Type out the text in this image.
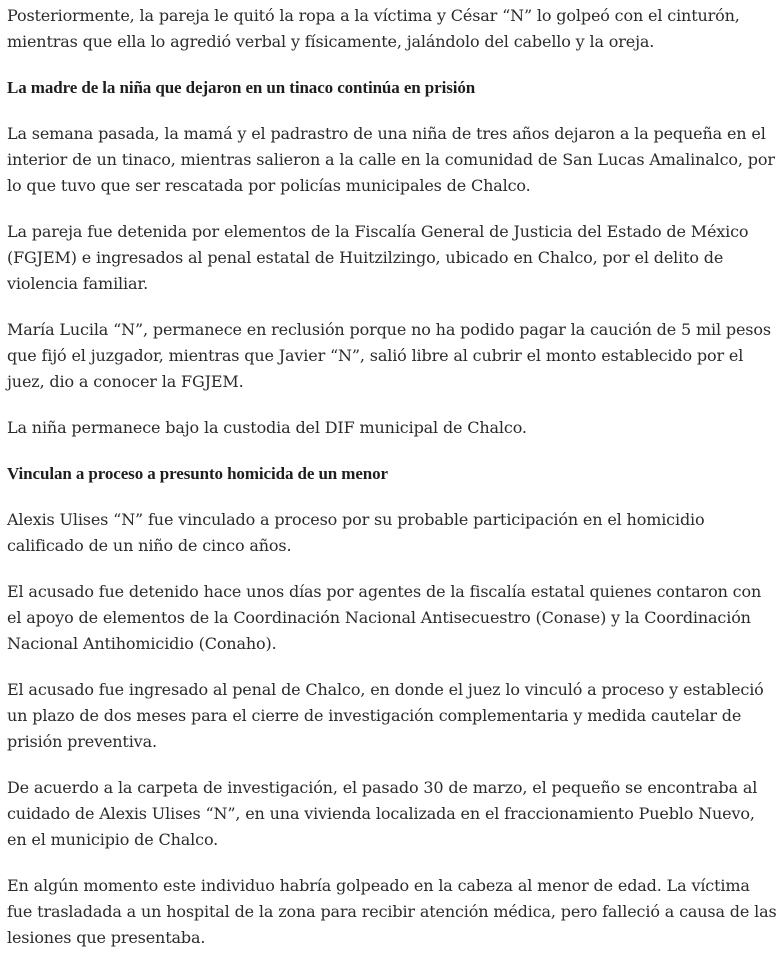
Posteriormente, la pareja le quitó la ropa a la víctima y César “N” lo golpeó con el cinturón, mientras que ella lo agredió verbal y físicamente, jalándolo del cabello y la oreja.

La madre de la niña que dejaron en un tinaco continúa en prisión

La semana pasada, la mamá y el padrastro de una niña de tres años dejaron a la pequeña en el interior de un tinaco, mientras salieron a la calle en la comunidad de San Lucas Amalinalco, por lo que tuvo que ser rescatada por policías municipales de Chalco.

La pareja fue detenida por elementos de la Fiscalía General de Justicia del Estado de México (FGJEM) e ingresados al penal estatal de Huitzilzingo, ubicado en Chalco, por el delito de violencia familiar.

María Lucila “N”, permanece en reclusión porque no ha podido pagar la caución de 5 mil pesos que fijó el juzgador, mientras que Javier “N”, salió libre al cubrir el monto establecido por el juez, dio a conocer la FGJEM.

La niña permanece bajo la custodia del DIF municipal de Chalco.

Vinculan a proceso a presunto homicida de un menor

Alexis Ulises “N” fue vinculado a proceso por su probable participación en el homicidio calificado de un niño de cinco años.

El acusado fue detenido hace unos días por agentes de la fiscalía estatal quienes contaron con el apoyo de elementos de la Coordinación Nacional Antisecuestro (Conase) y la Coordinación Nacional Antihomicidio (Conaho).

El acusado fue ingresado al penal de Chalco, en donde el juez lo vinculó a proceso y estableció un plazo de dos meses para el cierre de investigación complementaria y medida cautelar de prisión preventiva.

De acuerdo a la carpeta de investigación, el pasado 30 de marzo, el pequeño se encontraba al cuidado de Alexis Ulises “N”, en una vivienda localizada en el fraccionamiento Pueblo Nuevo, en el municipio de Chalco.

En algún momento este individuo habría golpeado en la cabeza al menor de edad. La víctima fue trasladada a un hospital de la zona para recibir atención médica, pero falleció a causa de las lesiones que presentaba.
